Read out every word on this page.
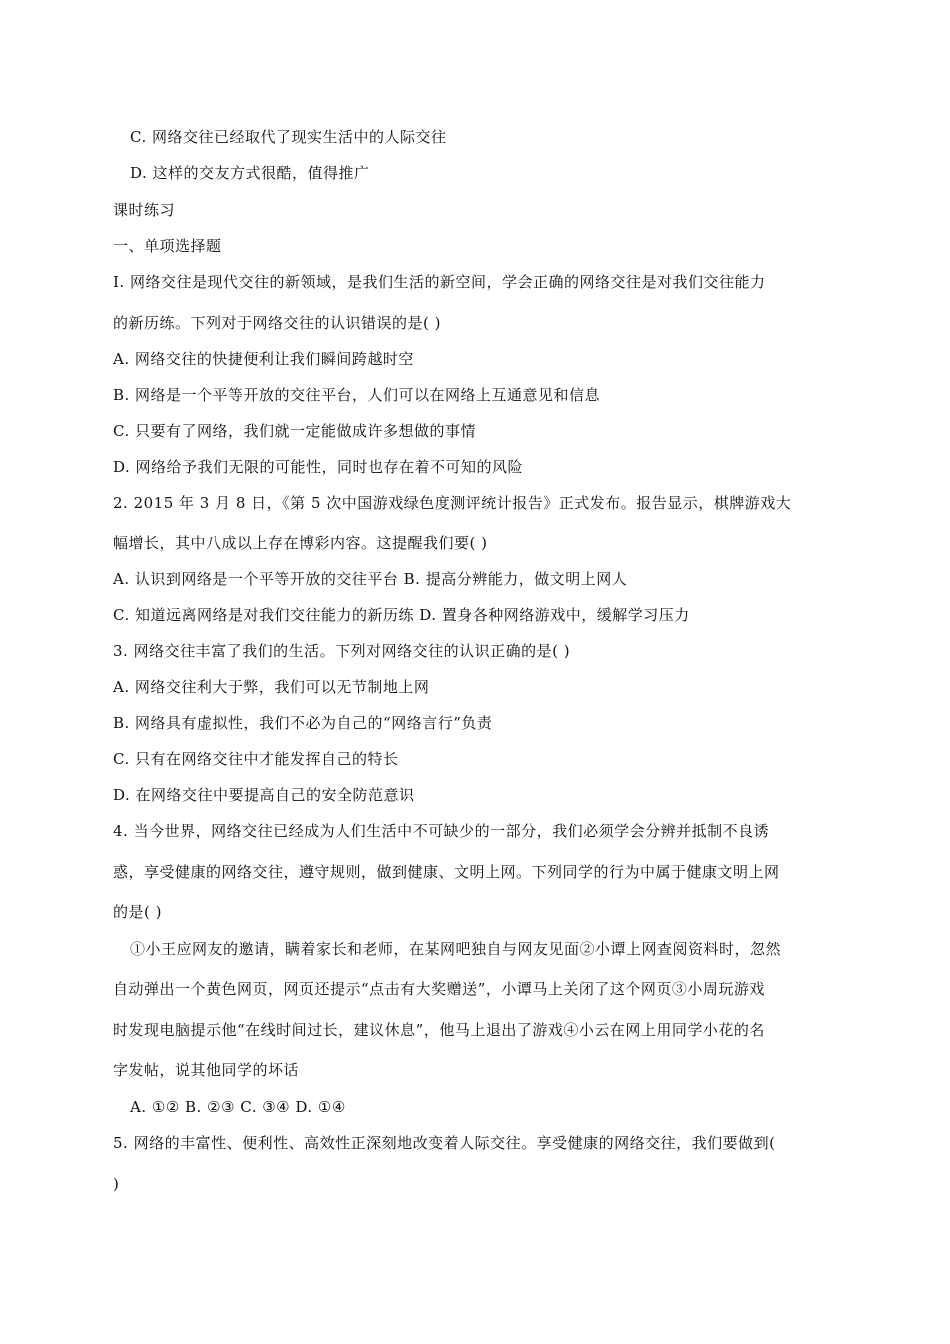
C. 网络交往已经取代了现实生活中的人际交往
D. 这样的交友方式很酷，值得推广
课时练习
一、单项选择题
I. 网络交往是现代交往的新领域，是我们生活的新空间，学会正确的网络交往是对我们交往能力
的新历练。下列对于网络交往的认识错误的是( )
A. 网络交往的快捷便利让我们瞬间跨越时空
B. 网络是一个平等开放的交往平台，人们可以在网络上互通意见和信息
C. 只要有了网络，我们就一定能做成许多想做的事情
D. 网络给予我们无限的可能性，同时也存在着不可知的风险
2. 2015 年 3 月 8 日，《第 5 次中国游戏绿色度测评统计报告》正式发布。报告显示，棋牌游戏大
幅增长，其中八成以上存在博彩内容。这提醒我们要( )
A. 认识到网络是一个平等开放的交往平台 B. 提高分辨能力，做文明上网人
C. 知道远离网络是对我们交往能力的新历练 D. 置身各种网络游戏中，缓解学习压力
3. 网络交往丰富了我们的生活。下列对网络交往的认识正确的是( )
A. 网络交往利大于弊，我们可以无节制地上网
B. 网络具有虚拟性，我们不必为自己的“网络言行”负责
C. 只有在网络交往中才能发挥自己的特长
D. 在网络交往中要提高自己的安全防范意识
4. 当今世界，网络交往已经成为人们生活中不可缺少的一部分，我们必须学会分辨并抵制不良诱
惑，享受健康的网络交往，遵守规则，做到健康、文明上网。下列同学的行为中属于健康文明上网
的是( )
①小王应网友的邀请，瞒着家长和老师，在某网吧独自与网友见面②小谭上网查阅资料时，忽然
自动弹出一个黄色网页，网页还提示“点击有大奖赠送”，小谭马上关闭了这个网页③小周玩游戏
时发现电脑提示他“在线时间过长，建议休息”，他马上退出了游戏④小云在网上用同学小花的名
字发帖，说其他同学的坏话
A. ①② B. ②③ C. ③④ D. ①④
5. 网络的丰富性、便利性、高效性正深刻地改变着人际交往。享受健康的网络交往，我们要做到(
)
